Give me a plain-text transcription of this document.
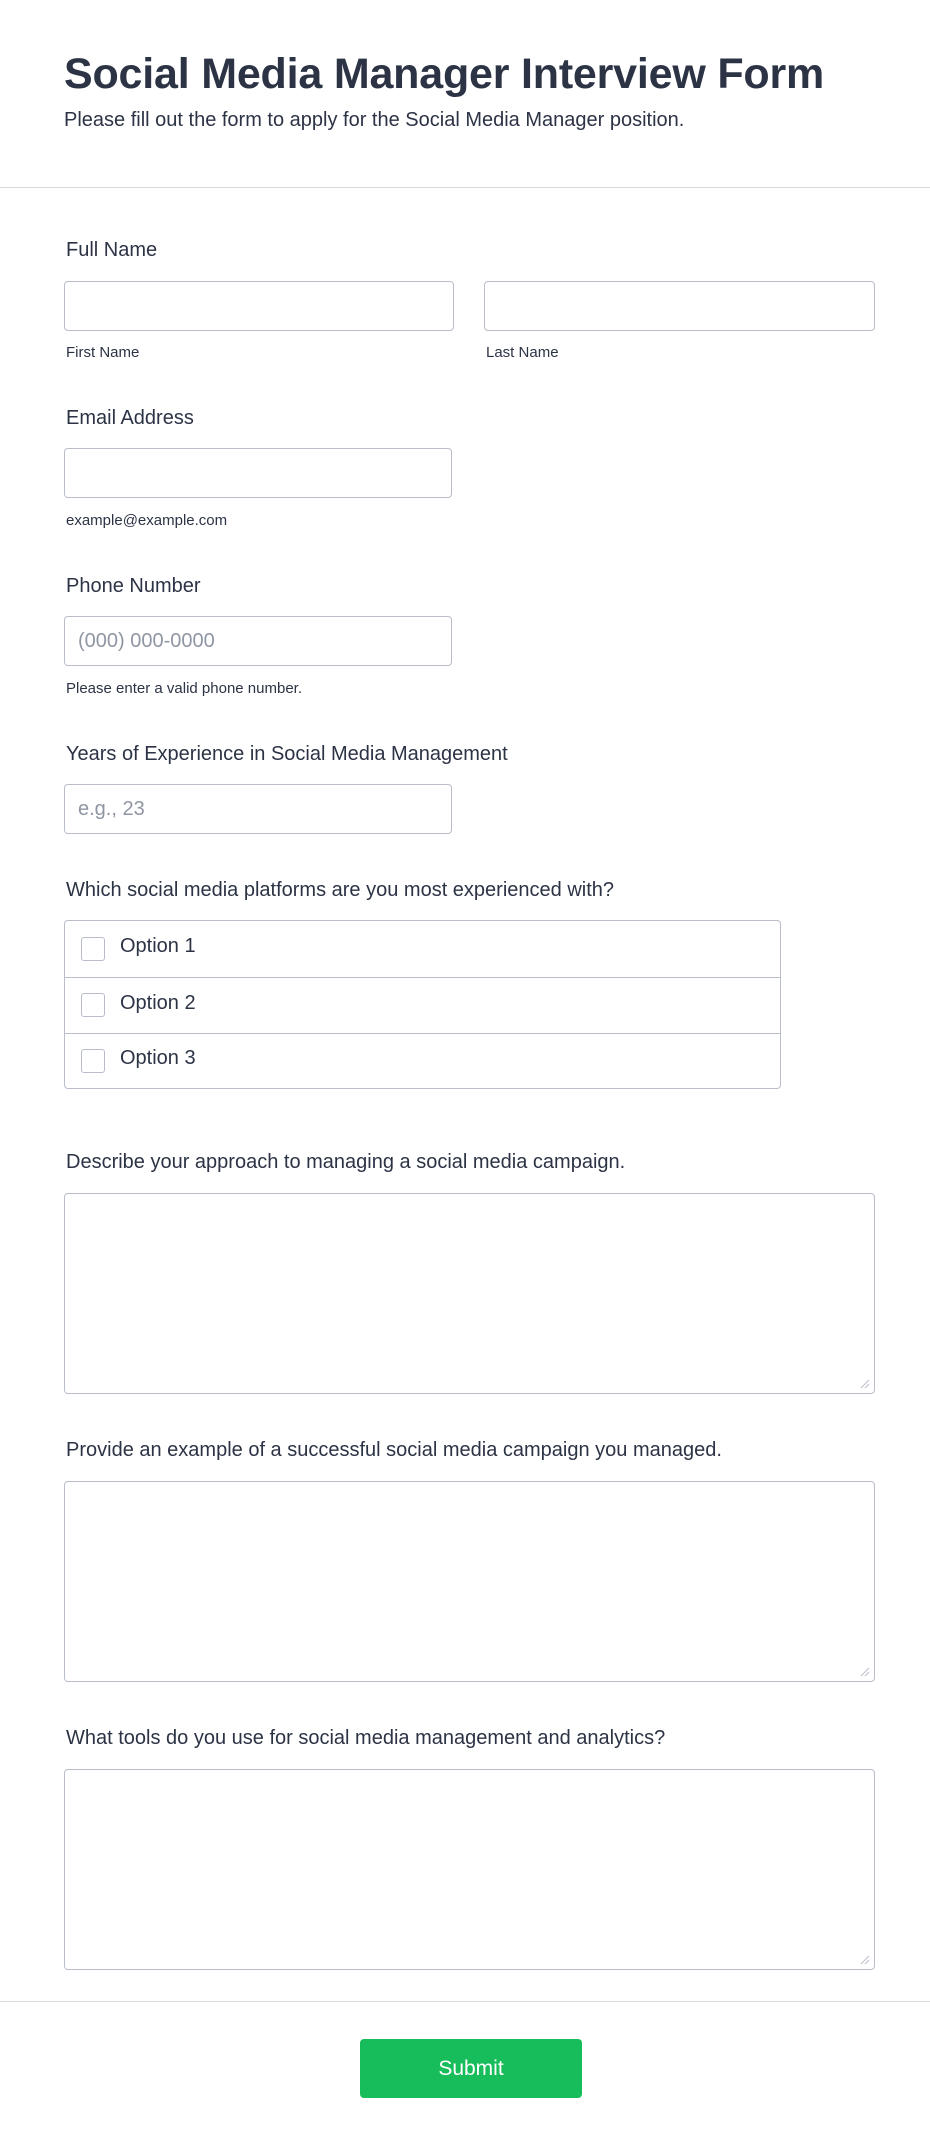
Social Media Manager Interview Form
Please fill out the form to apply for the Social Media Manager position.
Full Name
First Name	Last Name
Email Address
example@example.com
Phone Number
(000) 000-0000
Please enter a valid phone number.
Years of Experience in Social Media Management
e.g., 23
Which social media platforms are you most experienced with?
Option 1
Option 2
Option 3
Describe your approach to managing a social media campaign.
Provide an example of a successful social media campaign you managed.
What tools do you use for social media management and analytics?
Submit
